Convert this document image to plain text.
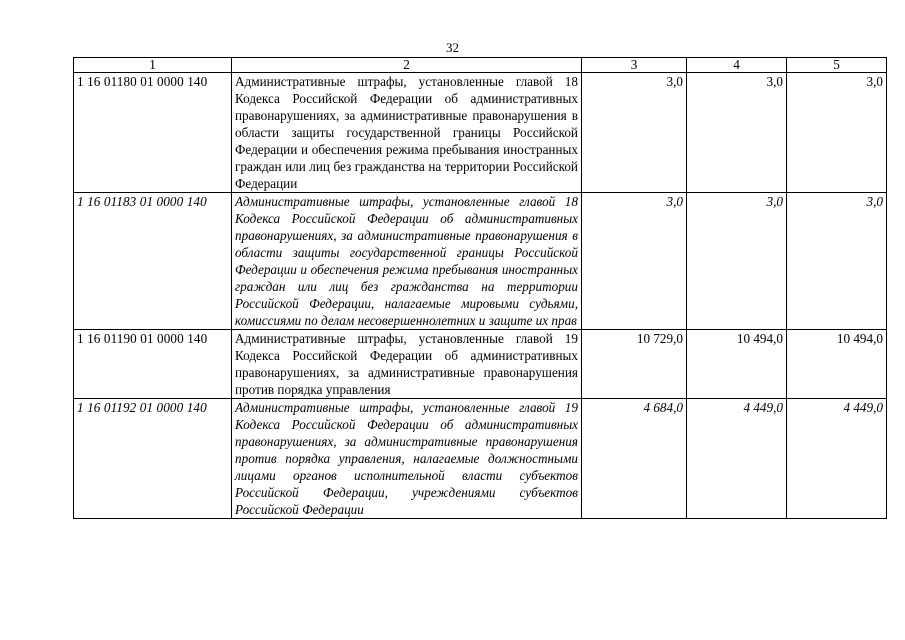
32
1	2	3	4	5
1 16 01180 01 0000 140	Административные штрафы, установленные главой 18 Кодекса Российской Федерации об административных правонарушениях, за административные правонарушения в области защиты государственной границы Российской Федерации и обеспечения режима пребывания иностранных граждан или лиц без гражданства на территории Российской Федерации	3,0	3,0	3,0
1 16 01183 01 0000 140	Административные штрафы, установленные главой 18 Кодекса Российской Федерации об административных правонарушениях, за административные правонарушения в области защиты государственной границы Российской Федерации и обеспечения режима пребывания иностранных граждан или лиц без гражданства на территории Российской Федерации, налагаемые мировыми судьями, комиссиями по делам несовершеннолетних и защите их прав	3,0	3,0	3,0
1 16 01190 01 0000 140	Административные штрафы, установленные главой 19 Кодекса Российской Федерации об административных правонарушениях, за административные правонарушения против порядка управления	10 729,0	10 494,0	10 494,0
1 16 01192 01 0000 140	Административные штрафы, установленные главой 19 Кодекса Российской Федерации об административных правонарушениях, за административные правонарушения против порядка управления, налагаемые должностными лицами органов исполнительной власти субъектов Российской Федерации, учреждениями субъектов Российской Федерации	4 684,0	4 449,0	4 449,0
